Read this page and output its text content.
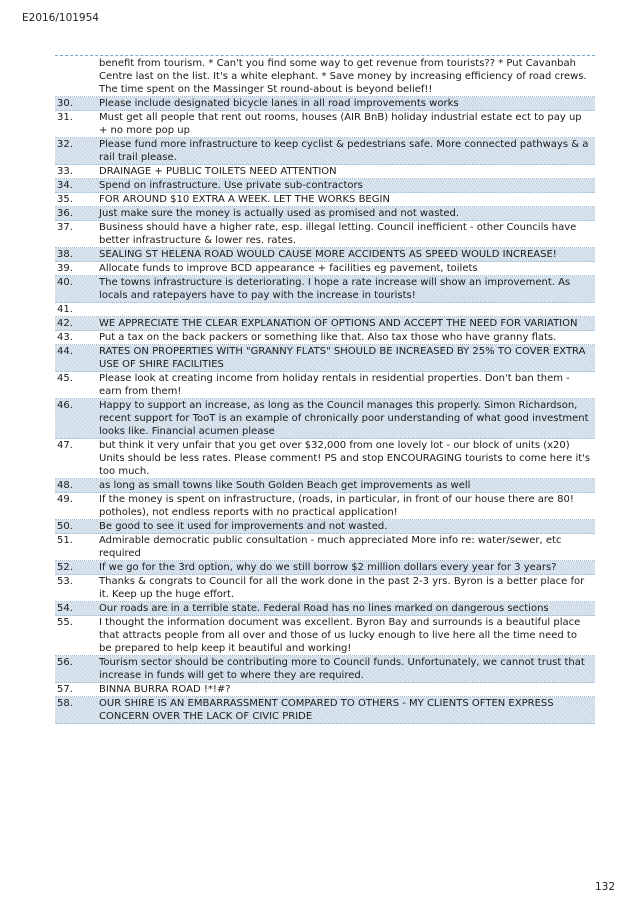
E2016/101954
benefit from tourism. * Can't you find some way to get revenue from tourists?? * Put Cavanbah Centre last on the list. It's a white elephant. * Save money by increasing efficiency of road crews. The time spent on the Massinger St round-about is beyond belief!!
30.	Please include designated bicycle lanes in all road improvements works
31.	Must get all people that rent out rooms, houses (AIR BnB) holiday industrial estate ect to pay up + no more pop up
32.	Please fund more infrastructure to keep cyclist & pedestrians safe. More connected pathways & a rail trail please.
33.	DRAINAGE + PUBLIC TOILETS NEED ATTENTION
34.	Spend on infrastructure. Use private sub-contractors
35.	FOR AROUND $10 EXTRA A WEEK. LET THE WORKS BEGIN
36.	Just make sure the money is actually used as promised and not wasted.
37.	Business should have a higher rate, esp. illegal letting. Council inefficient - other Councils have better infrastructure & lower res. rates.
38.	SEALING ST HELENA ROAD WOULD CAUSE MORE ACCIDENTS AS SPEED WOULD INCREASE!
39.	Allocate funds to improve BCD appearance + facilities eg pavement, toilets
40.	The towns infrastructure is deteriorating. I hope a rate increase will show an improvement. As locals and ratepayers have to pay with the increase in tourists!
41.
42.	WE APPRECIATE THE CLEAR EXPLANATION OF OPTIONS AND ACCEPT THE NEED FOR VARIATION
43.	Put a tax on the back packers or something like that. Also tax those who have granny flats.
44.	RATES ON PROPERTIES WITH "GRANNY FLATS" SHOULD BE INCREASED BY 25% TO COVER EXTRA USE OF SHIRE FACILITIES
45.	Please look at creating income from holiday rentals in residential properties. Don't ban them - earn from them!
46.	Happy to support an increase, as long as the Council manages this properly. Simon Richardson, recent support for TooT is an example of chronically poor understanding of what good investment looks like. Financial acumen please
47.	but think it very unfair that you get over $32,000 from one lovely lot - our block of units (x20) Units should be less rates. Please comment! PS and stop ENCOURAGING tourists to come here it's too much.
48.	as long as small towns like South Golden Beach get improvements as well
49.	If the money is spent on infrastructure, (roads, in particular, in front of our house there are 80! potholes), not endless reports with no practical application!
50.	Be good to see it used for improvements and not wasted.
51.	Admirable democratic public consultation - much appreciated More info re: water/sewer, etc required
52.	If we go for the 3rd option, why do we still borrow $2 million dollars every year for 3 years?
53.	Thanks & congrats to Council for all the work done in the past 2-3 yrs. Byron is a better place for it. Keep up the huge effort.
54.	Our roads are in a terrible state. Federal Road has no lines marked on dangerous sections
55.	I thought the information document was excellent. Byron Bay and surrounds is a beautiful place that attracts people from all over and those of us lucky enough to live here all the time need to be prepared to help keep it beautiful and working!
56.	Tourism sector should be contributing more to Council funds. Unfortunately, we cannot trust that increase in funds will get to where they are required.
57.	BINNA BURRA ROAD !*!#?
58.	OUR SHIRE IS AN EMBARRASSMENT COMPARED TO OTHERS - MY CLIENTS OFTEN EXPRESS CONCERN OVER THE LACK OF CIVIC PRIDE
132
